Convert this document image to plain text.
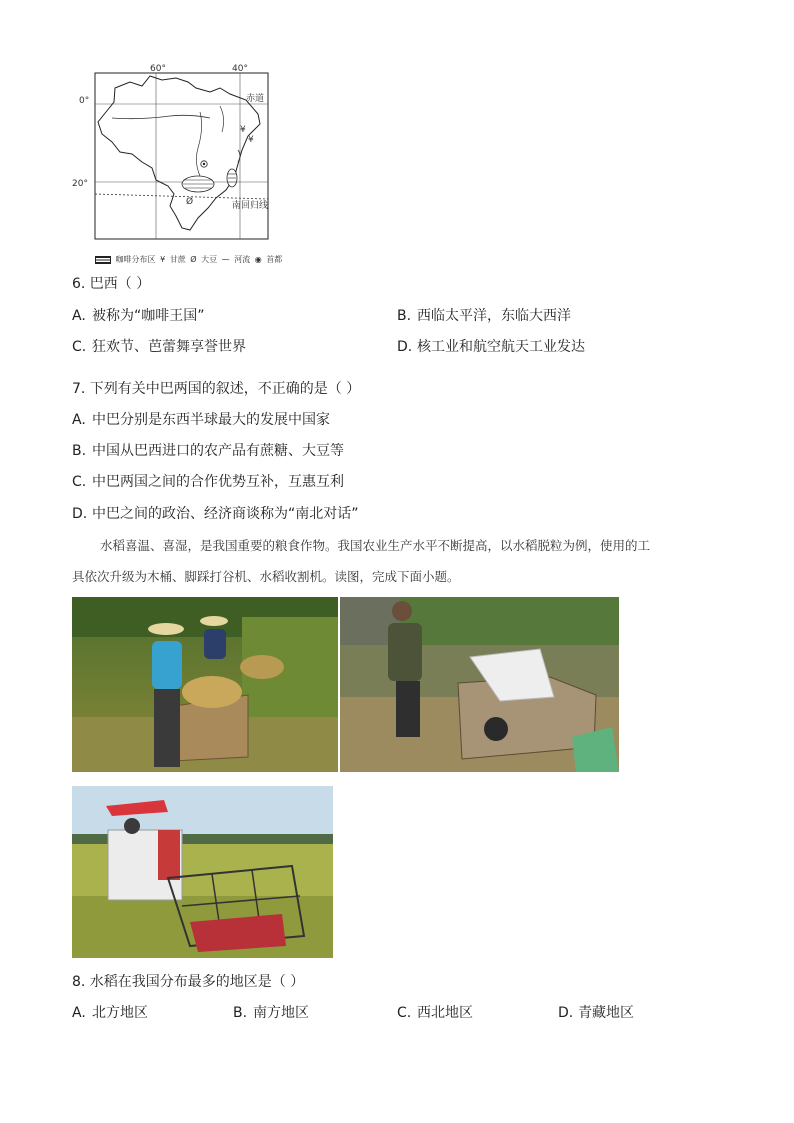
60°	40°
0°
20°
赤道
南回归线
¥
¥
Ø
咖啡分布区 ¥ 甘蔗 Ø 大豆 ⁓ 河流 ◉ 首都
6. 巴西（ ）
A. 被称为“咖啡王国”	B. 西临太平洋，东临大西洋
C. 狂欢节、芭蕾舞享誉世界	D. 核工业和航空航天工业发达
7. 下列有关中巴两国的叙述，不正确的是（ ）
A. 中巴分别是东西半球最大的发展中国家
B. 中国从巴西进口的农产品有蔗糖、大豆等
C. 中巴两国之间的合作优势互补，互惠互利
D. 中巴之间的政治、经济商谈称为“南北对话”
水稻喜温、喜湿，是我国重要的粮食作物。我国农业生产水平不断提高，以水稻脱粒为例，使用的工
具依次升级为木桶、脚踩打谷机、水稻收割机。读图，完成下面小题。
8. 水稻在我国分布最多的地区是（ ）
A. 北方地区	B. 南方地区	C. 西北地区	D. 青藏地区
